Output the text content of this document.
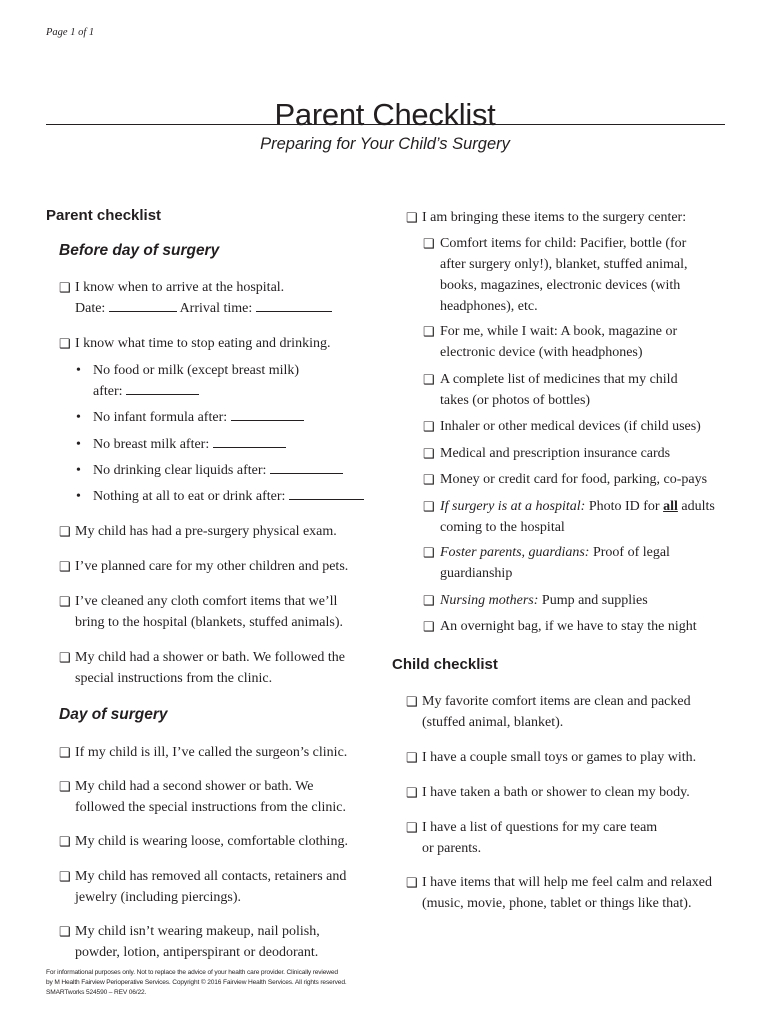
Page 1 of 1
Parent Checklist
Preparing for Your Child’s Surgery
Parent checklist
Before day of surgery
❑ I know when to arrive at the hospital.
Date:	Arrival time:
❑ I know what time to stop eating and drinking.
• No food or milk (except breast milk)
after:
• No infant formula after:
• No breast milk after:
• No drinking clear liquids after:
• Nothing at all to eat or drink after:
❑ My child has had a pre-surgery physical exam.
❑ I’ve planned care for my other children and pets.
❑ I’ve cleaned any cloth comfort items that we’ll
bring to the hospital (blankets, stuffed animals).
❑ My child had a shower or bath. We followed the
special instructions from the clinic.
Day of surgery
❑ If my child is ill, I’ve called the surgeon’s clinic.
❑ My child had a second shower or bath. We
followed the special instructions from the clinic.
❑ My child is wearing loose, comfortable clothing.
❑ My child has removed all contacts, retainers and
jewelry (including piercings).
❑ My child isn’t wearing makeup, nail polish,
powder, lotion, antiperspirant or deodorant.
❑ I am bringing these items to the surgery center:
❑ Comfort items for child: Pacifier, bottle (for
after surgery only!), blanket, stuffed animal,
books, magazines, electronic devices (with
headphones), etc.
❑ For me, while I wait: A book, magazine or
electronic device (with headphones)
❑ A complete list of medicines that my child
takes (or photos of bottles)
❑ Inhaler or other medical devices (if child uses)
❑ Medical and prescription insurance cards
❑ Money or credit card for food, parking, co-pays
❑ If surgery is at a hospital: Photo ID for all adults
coming to the hospital
❑ Foster parents, guardians: Proof of legal
guardianship
❑ Nursing mothers: Pump and supplies
❑ An overnight bag, if we have to stay the night
Child checklist
❑ My favorite comfort items are clean and packed
(stuffed animal, blanket).
❑ I have a couple small toys or games to play with.
❑ I have taken a bath or shower to clean my body.
❑ I have a list of questions for my care team
or parents.
❑ I have items that will help me feel calm and relaxed
(music, movie, phone, tablet or things like that).
For informational purposes only. Not to replace the advice of your health care provider. Clinically reviewed
by M Health Fairview Perioperative Services. Copyright © 2016 Fairview Health Services. All rights reserved.
SMARTworks 524590 – REV 06/22.
